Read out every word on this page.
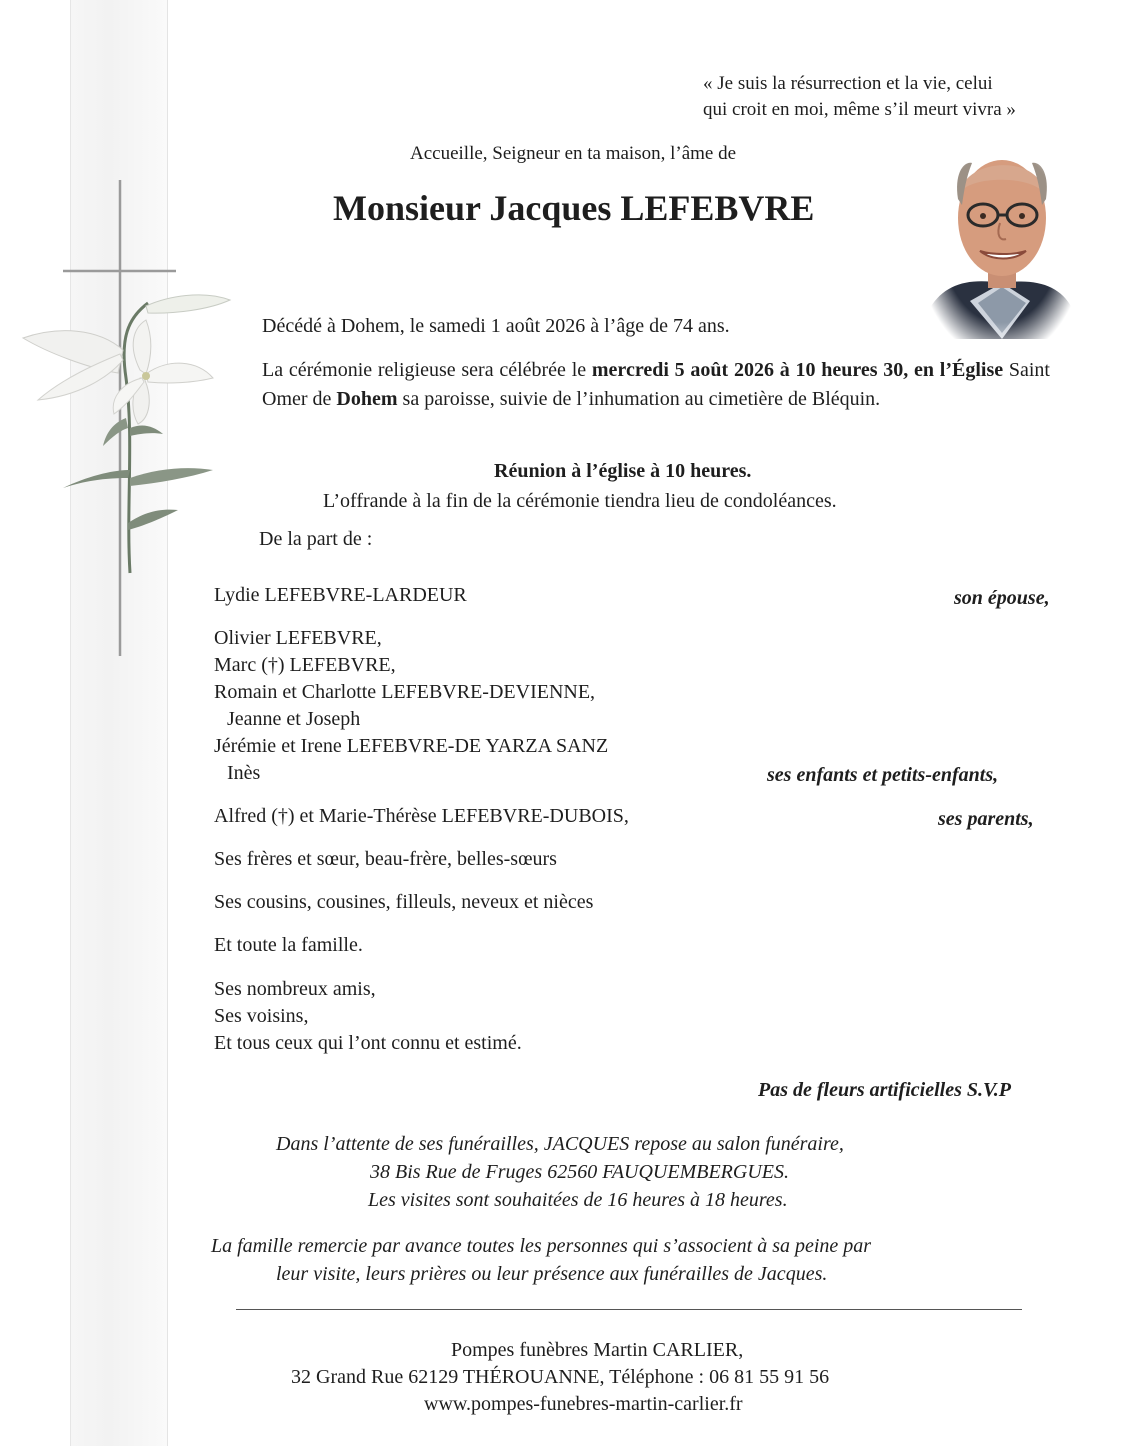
« Je suis la résurrection et la vie, celui
qui croit en moi, même s’il meurt vivra »
Accueille, Seigneur en ta maison, l’âme de
Monsieur Jacques LEFEBVRE
Décédé à Dohem, le samedi 1 août 2026 à l’âge de 74 ans.
La cérémonie religieuse sera célébrée le mercredi 5 août 2026 à 10 heures 30, en l’Église Saint Omer de Dohem sa paroisse, suivie de l’inhumation au cimetière de Bléquin.
Réunion à l’église à 10 heures.
L’offrande à la fin de la cérémonie tiendra lieu de condoléances.
De la part de :
Lydie LEFEBVRE-LARDEUR	son épouse,
Olivier LEFEBVRE,
Marc (†) LEFEBVRE,
Romain et Charlotte LEFEBVRE-DEVIENNE,
Jeanne et Joseph
Jérémie et Irene LEFEBVRE-DE YARZA SANZ
Inès	ses enfants et petits-enfants,
Alfred (†) et Marie-Thérèse LEFEBVRE-DUBOIS,	ses parents,
Ses frères et sœur, beau-frère, belles-sœurs
Ses cousins, cousines, filleuls, neveux et nièces
Et toute la famille.
Ses nombreux amis,
Ses voisins,
Et tous ceux qui l’ont connu et estimé.
Pas de fleurs artificielles S.V.P
Dans l’attente de ses funérailles, JACQUES repose au salon funéraire,
38 Bis Rue de Fruges 62560 FAUQUEMBERGUES.
Les visites sont souhaitées de 16 heures à 18 heures.
La famille remercie par avance toutes les personnes qui s’associent à sa peine par
leur visite, leurs prières ou leur présence aux funérailles de Jacques.
Pompes funèbres Martin CARLIER,
32 Grand Rue 62129 THÉROUANNE, Téléphone : 06 81 55 91 56
www.pompes-funebres-martin-carlier.fr
